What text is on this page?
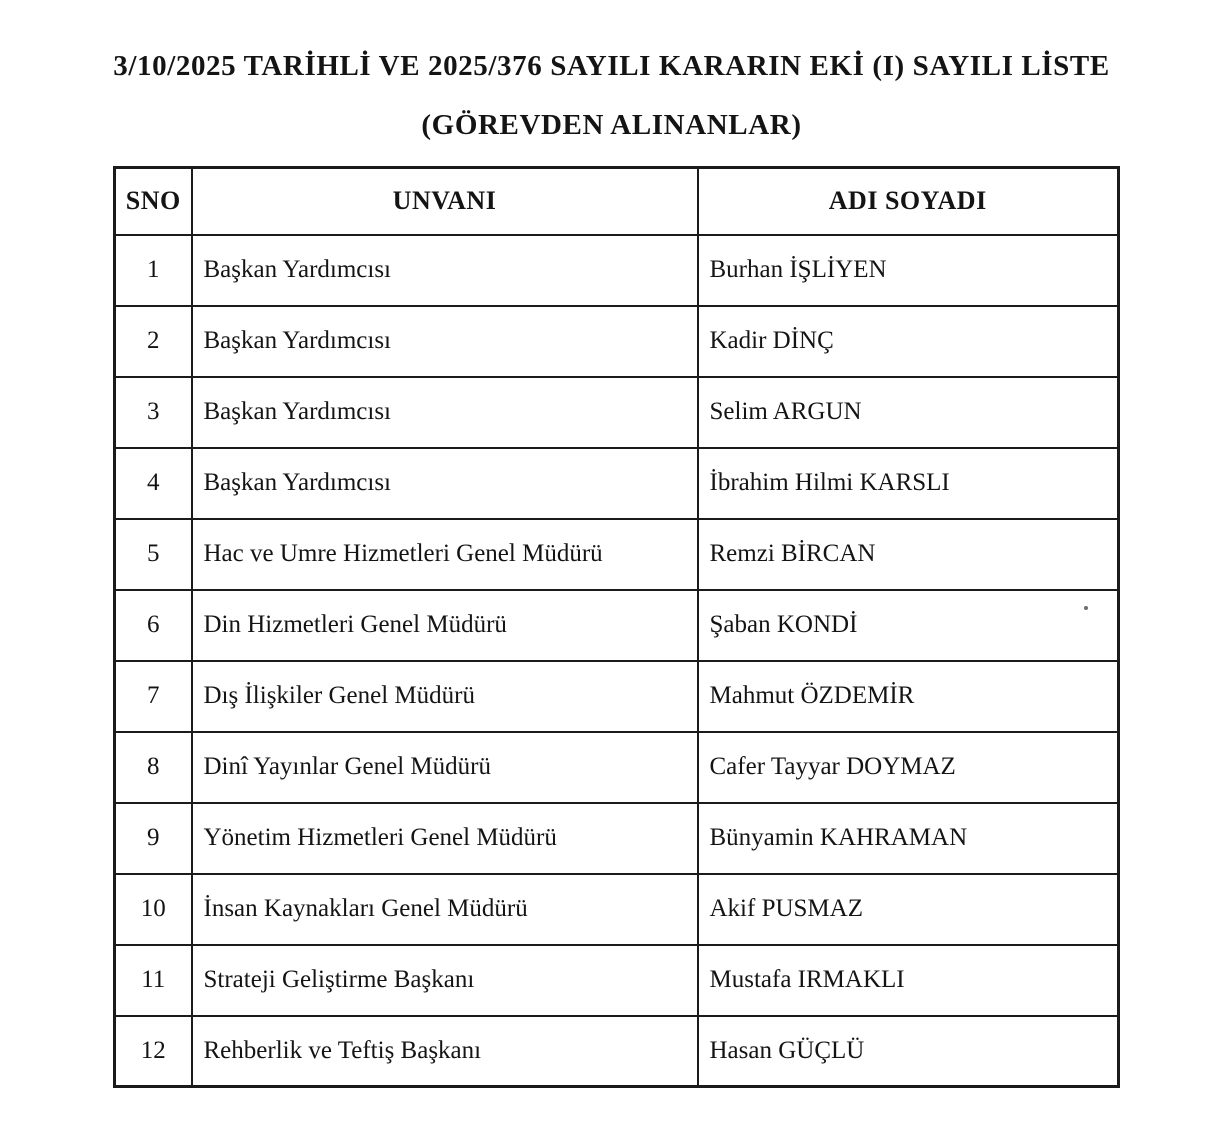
3/10/2025 TARİHLİ VE 2025/376 SAYILI KARARIN EKİ (I) SAYILI LİSTE
(GÖREVDEN ALINANLAR)
SNO	UNVANI	ADI SOYADI
1	Başkan Yardımcısı	Burhan İŞLİYEN
2	Başkan Yardımcısı	Kadir DİNÇ
3	Başkan Yardımcısı	Selim ARGUN
4	Başkan Yardımcısı	İbrahim Hilmi KARSLI
5	Hac ve Umre Hizmetleri Genel Müdürü	Remzi BİRCAN
6	Din Hizmetleri Genel Müdürü	Şaban KONDİ
7	Dış İlişkiler Genel Müdürü	Mahmut ÖZDEMİR
8	Dinî Yayınlar Genel Müdürü	Cafer Tayyar DOYMAZ
9	Yönetim Hizmetleri Genel Müdürü	Bünyamin KAHRAMAN
10	İnsan Kaynakları Genel Müdürü	Akif PUSMAZ
11	Strateji Geliştirme Başkanı	Mustafa IRMAKLI
12	Rehberlik ve Teftiş Başkanı	Hasan GÜÇLÜ
